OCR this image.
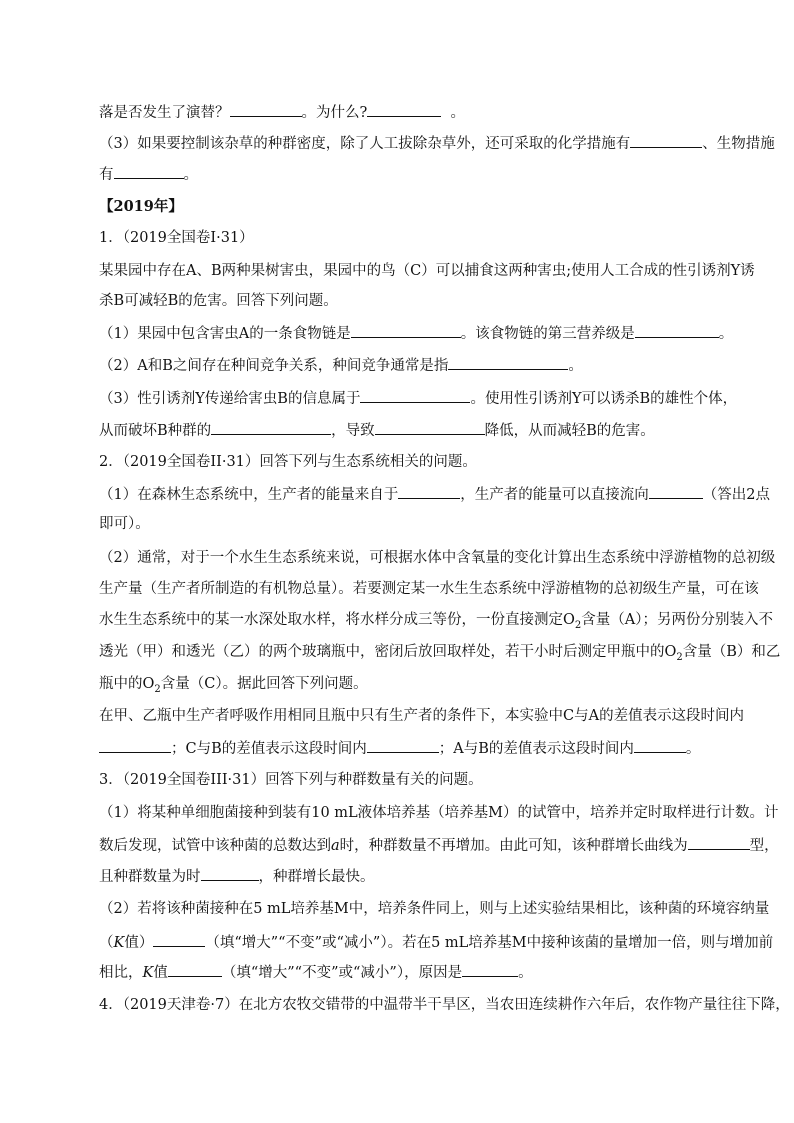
落是否发生了演替？	。为什么?	。
（3）如果要控制该杂草的种群密度，除了人工拔除杂草外，还可采取的化学措施有	、生物措施
有	。
【2019年】
1．（2019全国卷Ⅰ·31）
某果园中存在A、B两种果树害虫，果园中的鸟（C）可以捕食这两种害虫;使用人工合成的性引诱剂Y诱
杀B可减轻B的危害。回答下列问题。
（1）果园中包含害虫A的一条食物链是	。该食物链的第三营养级是	。
（2）A和B之间存在种间竞争关系，种间竞争通常是指	。
（3）性引诱剂Y传递给害虫B的信息属于	。使用性引诱剂Y可以诱杀B的雄性个体，
从而破坏B种群的	，导致	降低，从而减轻B的危害。
2．（2019全国卷II·31）回答下列与生态系统相关的问题。
（1）在森林生态系统中，生产者的能量来自于	，生产者的能量可以直接流向	（答出2点
即可）。
（2）通常，对于一个水生生态系统来说，可根据水体中含氧量的变化计算出生态系统中浮游植物的总初级
生产量（生产者所制造的有机物总量）。若要测定某一水生生态系统中浮游植物的总初级生产量，可在该
水生生态系统中的某一水深处取水样，将水样分成三等份，一份直接测定$O_2$含量（A）；另两份分别装入不
透光（甲）和透光（乙）的两个玻璃瓶中，密闭后放回取样处，若干小时后测定甲瓶中的$O_2$含量（B）和乙
瓶中的$O_2$含量（C）。据此回答下列问题。
在甲、乙瓶中生产者呼吸作用相同且瓶中只有生产者的条件下，本实验中C与A的差值表示这段时间内
；C与B的差值表示这段时间内	；A与B的差值表示这段时间内	。
3．（2019全国卷III·31）回答下列与种群数量有关的问题。
（1）将某种单细胞菌接种到装有10 mL液体培养基（培养基M）的试管中，培养并定时取样进行计数。计
数后发现，试管中该种菌的总数达到a时，种群数量不再增加。由此可知，该种群增长曲线为	型，
且种群数量为时	，种群增长最快。
（2）若将该种菌接种在5 mL培养基M中，培养条件同上，则与上述实验结果相比，该种菌的环境容纳量
（K值）	（填“增大”“不变”或“减小”）。若在5 mL培养基M中接种该菌的量增加一倍，则与增加前
相比，K值	（填“增大”“不变”或“减小”），原因是	。
4．（2019天津卷·7）在北方农牧交错带的中温带半干旱区，当农田连续耕作六年后，农作物产量往往下降，
